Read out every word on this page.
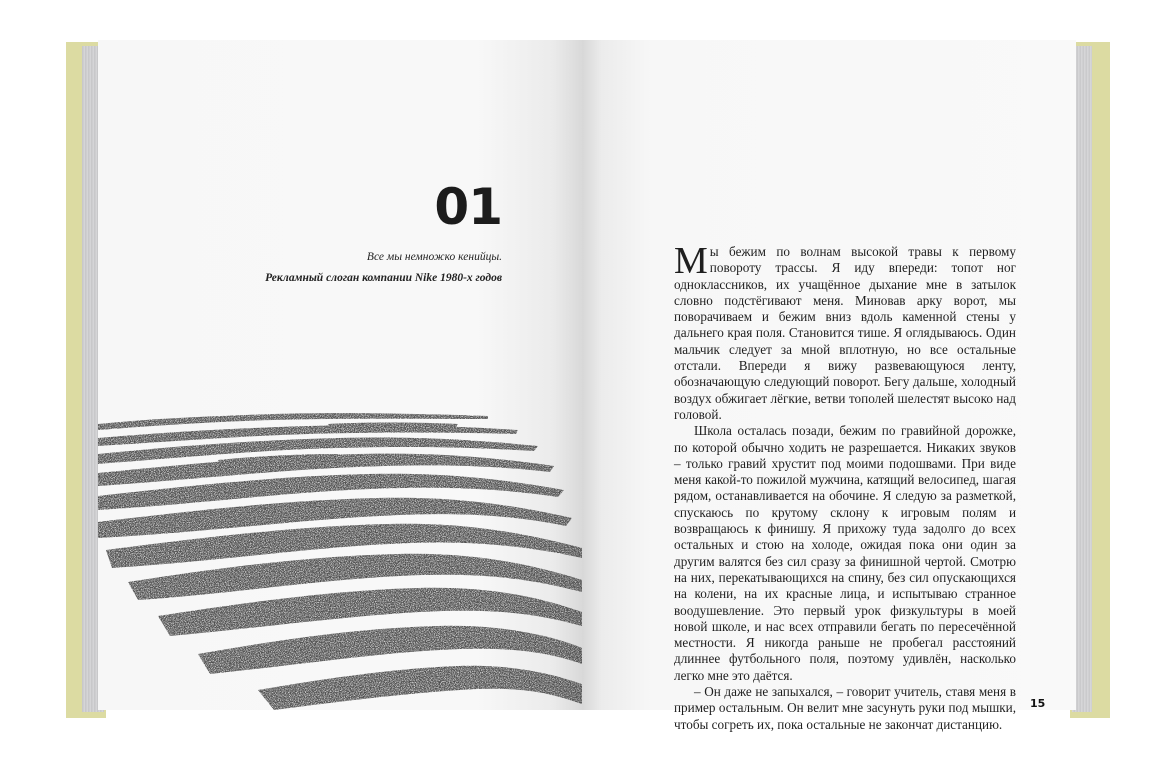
01
Все мы немножко кенийцы.
Рекламный слоган компании Nike 1980-х годов	Мы бежим по волнам высокой травы к первому повороту трассы. Я иду впереди: топот ног одноклассников, их учащённое дыхание мне в затылок словно подстёгивают меня. Миновав арку ворот, мы поворачиваем и бежим вниз вдоль каменной стены у дальнего края поля. Становится тише. Я оглядываюсь. Один мальчик следует за мной вплотную, но все остальные отстали. Впереди я вижу развевающуюся ленту, обозначающую следующий поворот. Бегу дальше, холодный воздух обжигает лёгкие, ветви тополей шелестят высоко над головой.

Школа осталась позади, бежим по гравийной дорожке, по которой обычно ходить не разрешается. Никаких звуков – только гравий хрустит под моими подошвами. При виде меня какой-то пожилой мужчина, катящий велосипед, шагая рядом, останавливается на обочине. Я следую за разметкой, спускаюсь по крутому склону к игровым полям и возвращаюсь к финишу. Я прихожу туда задолго до всех остальных и стою на холоде, ожидая пока они один за другим валятся без сил сразу за финишной чертой. Смотрю на них, перекатывающихся на спину, без сил опускающихся на колени, на их красные лица, и испытываю странное воодушевление. Это первый урок физкультуры в моей новой школе, и нас всех отправили бегать по пересечённой местности. Я никогда раньше не пробегал расстояний длиннее футбольного поля, поэтому удивлён, насколько легко мне это даётся.

– Он даже не запыхался, – говорит учитель, ставя меня в пример остальным. Он велит мне засунуть руки под мышки, чтобы согреть их, пока остальные не закончат дистанцию.

15
